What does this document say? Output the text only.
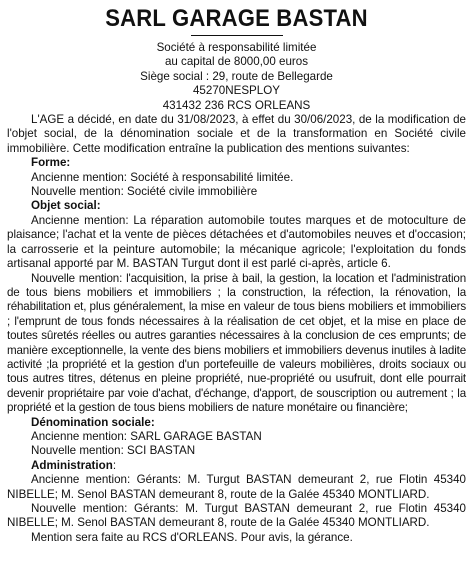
SARL GARAGE BASTAN
Société à responsabilité limitée
au capital de 8000,00 euros
Siège social : 29, route de Bellegarde
45270NESPLOY
431432 236 RCS ORLEANS

L'AGE a décidé, en date du 31/08/2023, à effet du 30/06/2023, de la modification de l'objet social, de la dénomination sociale et de la transformation en Société civile immobilière. Cette modification entraîne la publication des mentions suivantes:

Forme:

Ancienne mention: Société à responsabilité limitée.

Nouvelle mention: Société civile immobilière

Objet social:

Ancienne mention: La réparation automobile toutes marques et de motoculture de plaisance; l'achat et la vente de pièces détachées et d'automobiles neuves et d'occasion; la carrosserie et la peinture automobile; la mécanique agricole; l'exploitation du fonds artisanal apporté par M. BASTAN Turgut dont il est parlé ci-après, article 6.

Nouvelle mention: l'acquisition, la prise à bail, la gestion, la location et l'administration de tous biens mobiliers et immobiliers ; la construction, la réfection, la rénovation, la réhabilitation et, plus généralement, la mise en valeur de tous biens mobiliers et immobiliers ; l'emprunt de tous fonds nécessaires à la réalisation de cet objet, et la mise en place de toutes sûretés réelles ou autres garanties nécessaires à la conclusion de ces emprunts; de manière exceptionnelle, la vente des biens mobiliers et immobiliers devenus inutiles à ladite activité ;la propriété et la gestion d'un portefeuille de valeurs mobilières, droits sociaux ou tous autres titres, détenus en pleine propriété, nue-propriété ou usufruit, dont elle pourrait devenir propriétaire par voie d'achat, d'échange, d'apport, de souscription ou autrement ; la propriété et la gestion de tous biens mobiliers de nature monétaire ou financière;

Dénomination sociale:

Ancienne mention: SARL GARAGE BASTAN

Nouvelle mention: SCI BASTAN

Administration:

Ancienne mention: Gérants: M. Turgut BASTAN demeurant 2, rue Flotin 45340 NIBELLE; M. Senol BASTAN demeurant 8, route de la Galée 45340 MONTLIARD.

Nouvelle mention: Gérants: M. Turgut BASTAN demeurant 2, rue Flotin 45340 NIBELLE; M. Senol BASTAN demeurant 8, route de la Galée 45340 MONTLIARD.

Mention sera faite au RCS d'ORLEANS. Pour avis, la gérance.
